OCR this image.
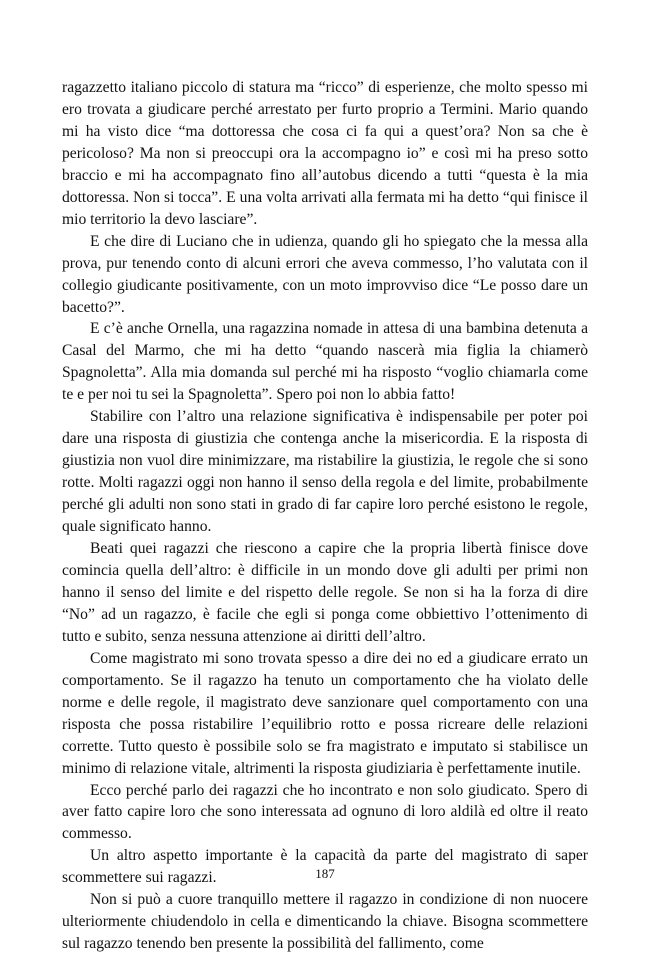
ragazzetto italiano piccolo di statura ma “ricco” di esperienze, che molto spesso mi ero trovata a giudicare perché arrestato per furto proprio a Termini. Mario quando mi ha visto dice “ma dottoressa che cosa ci fa qui a quest’ora? Non sa che è pericoloso? Ma non si preoccupi ora la accompagno io” e così mi ha preso sotto braccio e mi ha accompagnato fino all’autobus dicendo a tutti “questa è la mia dottoressa. Non si tocca”. E una volta arrivati alla fermata mi ha detto “qui finisce il mio territorio la devo lasciare”.

E che dire di Luciano che in udienza, quando gli ho spiegato che la messa alla prova, pur tenendo conto di alcuni errori che aveva commesso, l’ho valutata con il collegio giudicante positivamente, con un moto improvviso dice “Le posso dare un bacetto?”.

E c’è anche Ornella, una ragazzina nomade in attesa di una bambina detenuta a Casal del Marmo, che mi ha detto “quando nascerà mia figlia la chiamerò Spagnoletta”. Alla mia domanda sul perché mi ha risposto “voglio chiamarla come te e per noi tu sei la Spagnoletta”. Spero poi non lo abbia fatto!

Stabilire con l’altro una relazione significativa è indispensabile per poter poi dare una risposta di giustizia che contenga anche la misericordia. E la risposta di giustizia non vuol dire minimizzare, ma ristabilire la giustizia, le regole che si sono rotte. Molti ragazzi oggi non hanno il senso della regola e del limite, probabilmente perché gli adulti non sono stati in grado di far capire loro perché esistono le regole, quale significato hanno.

Beati quei ragazzi che riescono a capire che la propria libertà finisce dove comincia quella dell’altro: è difficile in un mondo dove gli adulti per primi non hanno il senso del limite e del rispetto delle regole. Se non si ha la forza di dire “No” ad un ragazzo, è facile che egli si ponga come obbiettivo l’ottenimento di tutto e subito, senza nessuna attenzione ai diritti dell’altro.

Come magistrato mi sono trovata spesso a dire dei no ed a giudicare errato un comportamento. Se il ragazzo ha tenuto un comportamento che ha violato delle norme e delle regole, il magistrato deve sanzionare quel comportamento con una risposta che possa ristabilire l’equilibrio rotto e possa ricreare delle relazioni corrette. Tutto questo è possibile solo se fra magistrato e imputato si stabilisce un minimo di relazione vitale, altrimenti la risposta giudiziaria è perfettamente inutile.

Ecco perché parlo dei ragazzi che ho incontrato e non solo giudicato. Spero di aver fatto capire loro che sono interessata ad ognuno di loro aldilà ed oltre il reato commesso.

Un altro aspetto importante è la capacità da parte del magistrato di saper scommettere sui ragazzi.

Non si può a cuore tranquillo mettere il ragazzo in condizione di non nuocere ulteriormente chiudendolo in cella e dimenticando la chiave. Bisogna scommettere sul ragazzo tenendo ben presente la possibilità del fallimento, come

187
